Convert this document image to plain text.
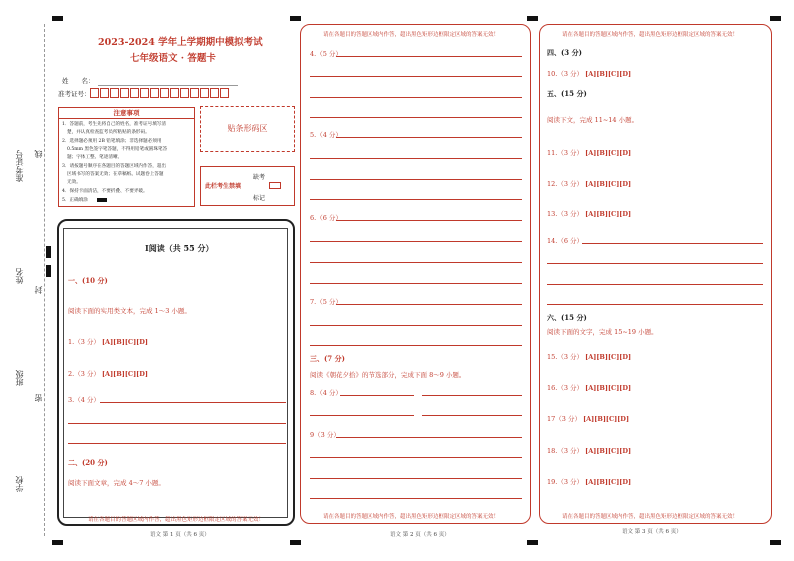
准考证号 线
姓名
封
班级
密
学校
2023-2024 学年上学期期中模拟考试
七年级语文 · 答题卡
姓　　名：
准考证号：
注意事项
1．答题前，考生先将自己的姓名，准考证号填写清
楚，并认真检查监考员所粘贴的条形码。
2．选择题必须用 2B 铅笔填涂；非选择题必须用
0.5mm 黑色签字笔答题，不得用铅笔或圆珠笔答
题；字体工整、笔迹清晰。
3．请按题号顺序在各题目的答题区域内作答，超出
区域书写的答案无效；在草稿纸、试题卷上答题
无效。
4．保持卡面清洁，不要折叠、不要弄破。
5．正确填涂
贴条形码区
此栏考生禁填
缺考
标记
Ⅰ阅读（共 55 分）
一、(10 分)
阅读下面的实用类文本，完成 1～3 小题。
1.（3 分） [A][B][C][D]
2.（3 分） [A][B][C][D]
3.（4 分）
二、(20 分)
阅读下面文章，完成 4～7 小题。
请在各题目的答题区域内作答，超出黑色矩形边框限定区域的答案无效！
语文 第 1 页（共 6 页）
请在各题目的答题区域内作答，超出黑色矩形边框限定区域的答案无效！
4.（5 分）
5.（4 分）
6.（6 分）
7.（5 分）
三、(7 分)
阅读《朝花夕拾》的节选部分，完成下面 8～9 小题。
8.（4 分）
9（3 分）
请在各题目的答题区域内作答，超出黑色矩形边框限定区域的答案无效！
语文 第 2 页（共 6 页）
请在各题目的答题区域内作答，超出黑色矩形边框限定区域的答案无效！
四、(3 分)
10.（3 分） [A][B][C][D]
五、(15 分)
阅读下文，完成 11~14 小题。
11.（3 分） [A][B][C][D]
12.（3 分） [A][B][C][D]
13.（3 分） [A][B][C][D]
14.（6 分）
六、(15 分)
阅读下面的文字，完成 15~19 小题。
15.（3 分） [A][B][C][D]
16.（3 分） [A][B][C][D]
17（3 分） [A][B][C][D]
18.（3 分） [A][B][C][D]
19.（3 分） [A][B][C][D]
请在各题目的答题区域内作答，超出黑色矩形边框限定区域的答案无效！
语文 第 3 页（共 6 页）
